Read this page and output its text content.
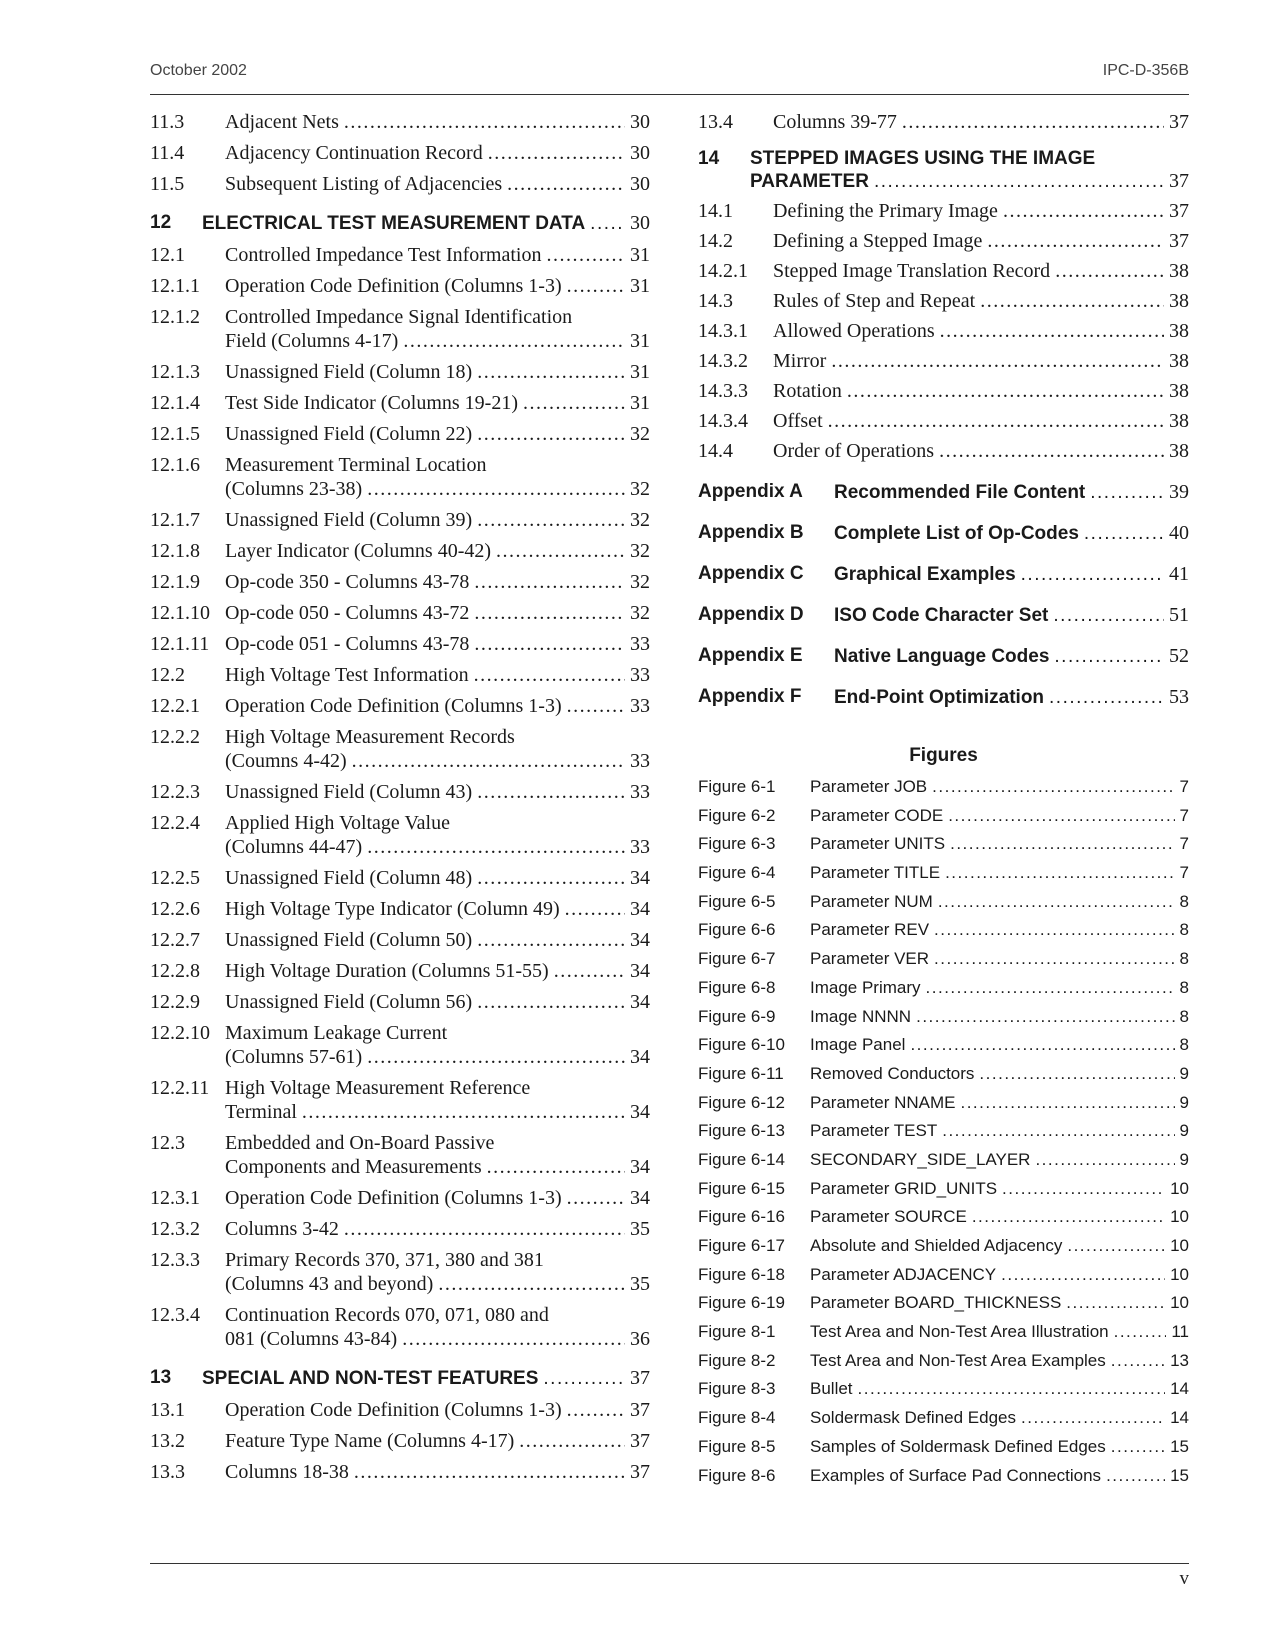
October 2002	IPC-D-356B
11.3	Adjacent Nets .....	30
11.4	Adjacency Continuation Record .....	30
11.5	Subsequent Listing of Adjacencies .....	30
12	ELECTRICAL TEST MEASUREMENT DATA ..... 30
12.1	Controlled Impedance Test Information .....	31
12.1.1	Operation Code Definition (Columns 1-3) .....	31
12.1.2	Controlled Impedance Signal Identification
Field (Columns 4-17) .....	31
12.1.3	Unassigned Field (Column 18) .....	31
12.1.4	Test Side Indicator (Columns 19-21) .....	31
12.1.5	Unassigned Field (Column 22) .....	32
12.1.6	Measurement Terminal Location
(Columns 23-38) .....	32
12.1.7	Unassigned Field (Column 39) .....	32
12.1.8	Layer Indicator (Columns 40-42) .....	32
12.1.9	Op-code 350 - Columns 43-78 .....	32
12.1.10 Op-code 050 - Columns 43-72 .....	32
12.1.11 Op-code 051 - Columns 43-78 .....	33
12.2	High Voltage Test Information .....	33
12.2.1	Operation Code Definition (Columns 1-3) .....	33
12.2.2	High Voltage Measurement Records
(Coumns 4-42) .....	33
12.2.3	Unassigned Field (Column 43) .....	33
12.2.4	Applied High Voltage Value
(Columns 44-47) .....	33
12.2.5	Unassigned Field (Column 48) .....	34
12.2.6	High Voltage Type Indicator (Column 49) .....	34
12.2.7	Unassigned Field (Column 50) .....	34
12.2.8	High Voltage Duration (Columns 51-55) .....	34
12.2.9	Unassigned Field (Column 56) .....	34
12.2.10 Maximum Leakage Current
(Columns 57-61) .....	34
12.2.11 High Voltage Measurement Reference
Terminal .....	34
12.3	Embedded and On-Board Passive
Components and Measurements .....	34
12.3.1	Operation Code Definition (Columns 1-3) .....	34
12.3.2	Columns 3-42 .....	35
12.3.3	Primary Records 370, 371, 380 and 381
(Columns 43 and beyond) .....	35
12.3.4	Continuation Records 070, 071, 080 and
081 (Columns 43-84) .....	36
13	SPECIAL AND NON-TEST FEATURES .....	37
13.1	Operation Code Definition (Columns 1-3) .....	37
13.2	Feature Type Name (Columns 4-17) .....	37
13.3	Columns 18-38 .....	37
13.4	Columns 39-77 .....	37
14	STEPPED IMAGES USING THE IMAGE
PARAMETER .....	37
14.1	Defining the Primary Image .....	37
14.2	Defining a Stepped Image .....	37
14.2.1	Stepped Image Translation Record .....	38
14.3	Rules of Step and Repeat .....	38
14.3.1	Allowed Operations .....	38
14.3.2	Mirror .....	38
14.3.3	Rotation .....	38
14.3.4	Offset .....	38
14.4	Order of Operations .....	38
Appendix A	Recommended File Content .....	39
Appendix B	Complete List of Op-Codes .....	40
Appendix C	Graphical Examples .....	41
Appendix D	ISO Code Character Set .....	51
Appendix E	Native Language Codes .....	52
Appendix F	End-Point Optimization .....	53
Figures
Figure 6-1	Parameter JOB .....	7
Figure 6-2	Parameter CODE .....	7
Figure 6-3	Parameter UNITS .....	7
Figure 6-4	Parameter TITLE .....	7
Figure 6-5	Parameter NUM .....	8
Figure 6-6	Parameter REV .....	8
Figure 6-7	Parameter VER .....	8
Figure 6-8	Image Primary .....	8
Figure 6-9	Image NNNN .....	8
Figure 6-10	Image Panel .....	8
Figure 6-11	Removed Conductors .....	9
Figure 6-12	Parameter NNAME .....	9
Figure 6-13	Parameter TEST .....	9
Figure 6-14	SECONDARY_SIDE_LAYER .....	9
Figure 6-15	Parameter GRID_UNITS .....	10
Figure 6-16	Parameter SOURCE .....	10
Figure 6-17	Absolute and Shielded Adjacency .....	10
Figure 6-18	Parameter ADJACENCY .....	10
Figure 6-19	Parameter BOARD_THICKNESS .....	10
Figure 8-1	Test Area and Non-Test Area Illustration .....	11
Figure 8-2	Test Area and Non-Test Area Examples .....	13
Figure 8-3	Bullet .....	14
Figure 8-4	Soldermask Defined Edges .....	14
Figure 8-5	Samples of Soldermask Defined Edges .....	15
Figure 8-6	Examples of Surface Pad Connections .....	15
v
